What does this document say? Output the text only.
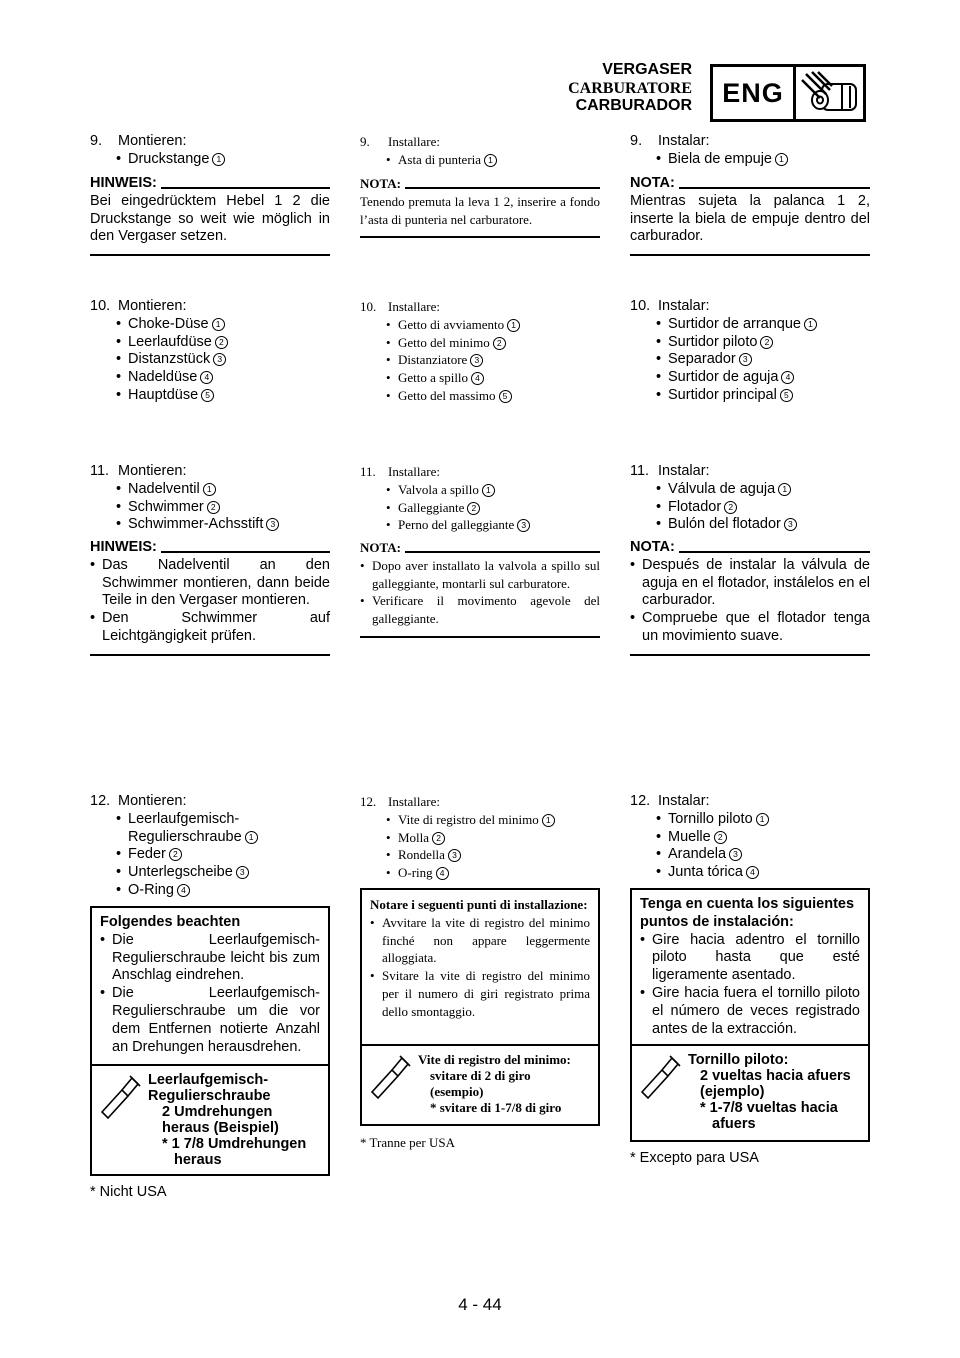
VERGASER
CARBURATORE
CARBURADOR	ENG
9. Montieren:
• Druckstange 1
HINWEIS:
Bei eingedrücktem Hebel 1 2 die Druckstange so weit wie möglich in den Vergaser setzen.
10. Montieren:
• Choke-Düse 1
• Leerlaufdüse 2
• Distanzstück 3
• Nadeldüse 4
• Hauptdüse 5
11. Montieren:
• Nadelventil 1
• Schwimmer 2
• Schwimmer-Achsstift 3
HINWEIS:
• Das Nadelventil an den Schwimmer montieren, dann beide Teile in den Vergaser montieren.
• Den Schwimmer auf Leichtgängigkeit prüfen.
12. Montieren:
• Leerlaufgemisch-Regulierschraube 1
• Feder 2
• Unterlegscheibe 3
• O-Ring 4
Folgendes beachten
• Die Leerlaufgemisch-Regulierschraube leicht bis zum Anschlag eindrehen.
• Die Leerlaufgemisch-Regulierschraube um die vor dem Entfernen notierte Anzahl an Drehungen herausdrehen.
Leerlaufgemisch-
Regulierschraube
2 Umdrehungen
heraus (Beispiel)
* 1 7/8 Umdrehungen
heraus
* Nicht USA
9. Installare:
• Asta di punteria 1
NOTA:
Tenendo premuta la leva 1 2, inserire a fondo l’asta di punteria nel carburatore.
10. Installare:
• Getto di avviamento 1
• Getto del minimo 2
• Distanziatore 3
• Getto a spillo 4
• Getto del massimo 5
11. Installare:
• Valvola a spillo 1
• Galleggiante 2
• Perno del galleggiante 3
NOTA:
• Dopo aver installato la valvola a spillo sul galleggiante, montarli sul carburatore.
• Verificare il movimento agevole del galleggiante.
12. Installare:
• Vite di registro del minimo 1
• Molla 2
• Rondella 3
• O-ring 4
Notare i seguenti punti di installazione:
• Avvitare la vite di registro del minimo finché non appare leggermente alloggiata.
• Svitare la vite di registro del minimo per il numero di giri registrato prima dello smontaggio.
Vite di registro del minimo:
svitare di 2 di giro
(esempio)
* svitare di 1-7/8 di giro
* Tranne per USA
9. Instalar:
• Biela de empuje 1
NOTA:
Mientras sujeta la palanca 1 2, inserte la biela de empuje dentro del carburador.
10. Instalar:
• Surtidor de arranque 1
• Surtidor piloto 2
• Separador 3
• Surtidor de aguja 4
• Surtidor principal 5
11. Instalar:
• Válvula de aguja 1
• Flotador 2
• Bulón del flotador 3
NOTA:
• Después de instalar la válvula de aguja en el flotador, instálelos en el carburador.
• Compruebe que el flotador tenga un movimiento suave.
12. Instalar:
• Tornillo piloto 1
• Muelle 2
• Arandela 3
• Junta tórica 4
Tenga en cuenta los siguientes puntos de instalación:
• Gire hacia adentro el tornillo piloto hasta que esté ligeramente asentado.
• Gire hacia fuera el tornillo piloto el número de veces registrado antes de la extracción.
Tornillo piloto:
2 vueltas hacia afuers
(ejemplo)
* 1-7/8 vueltas hacia
afuers
* Excepto para USA
4 - 44
